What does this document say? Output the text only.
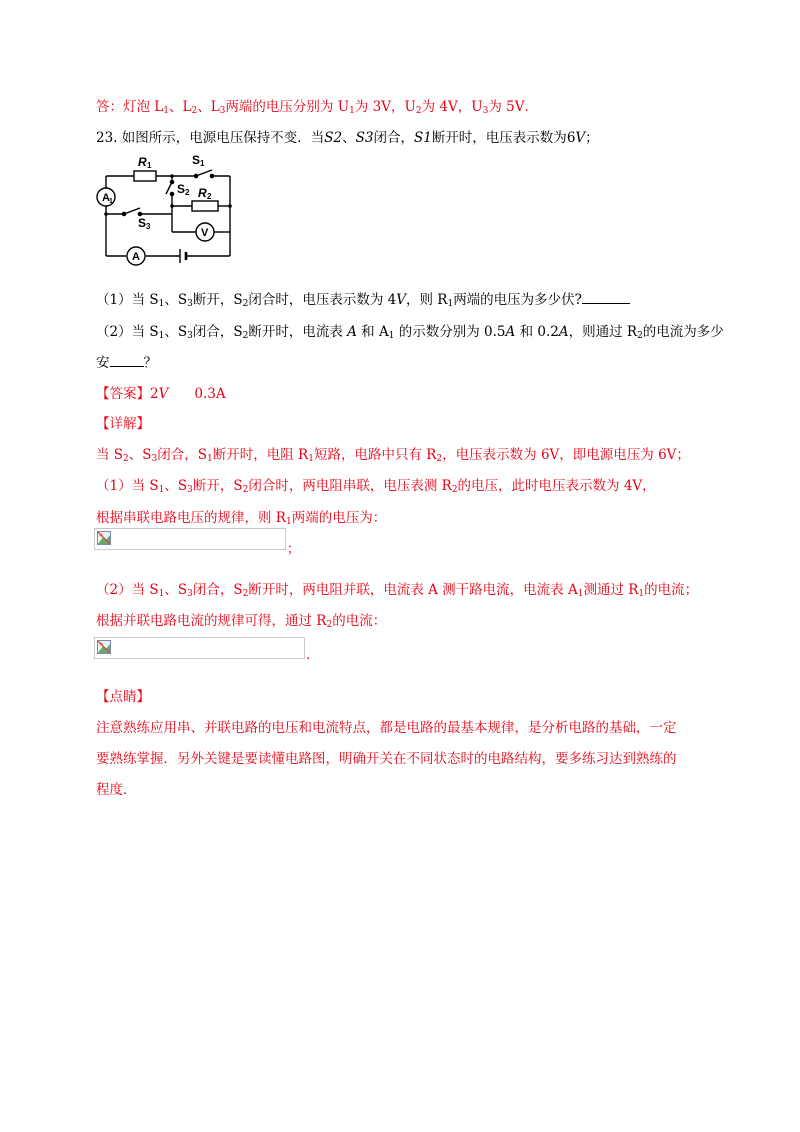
答：灯泡 $L_1$、$L_2$、$L_3$两端的电压分别为 $U_1$为 3V，$U_2$为 4V，$U_3$为 5V．
23. 如图所示，电源电压保持不变．当S2、S3闭合，S1断开时，电压表示数为6V；
A 1
A
V
R 1	S 1
S 2 R 2
S 3
（1）当 $S_1$、$S_3$断开，$S_2$闭合时，电压表示数为 4V，则 $R_1$两端的电压为多少伏?
（2）当 $S_1$、$S_3$闭合，$S_2$断开时，电流表 A 和 $A_1$ 的示数分别为 0.5A 和 0.2A，则通过 $R_2$的电流为多少
安	？
【答案】2V 0.3A
【详解】
当 $S_2$、$S_3$闭合，$S_1$断开时，电阻 $R_1$短路，电路中只有 $R_2$，电压表示数为 6V，即电源电压为 6V；
（1）当 $S_1$、$S_3$断开，$S_2$闭合时，两电阻串联，电压表测 $R_2$的电压，此时电压表示数为 4V，
根据串联电路电压的规律，则 $R_1$两端的电压为：
；
（2）当 $S_1$、$S_3$闭合，$S_2$断开时，两电阻并联，电流表 A 测干路电流，电流表 $A_1$测通过 $R_1$的电流；
根据并联电路电流的规律可得，通过 $R_2$的电流：
.
【点睛】
注意熟练应用串、并联电路的电压和电流特点，都是电路的最基本规律，是分析电路的基础，一定
要熟练掌握．另外关键是要读懂电路图，明确开关在不同状态时的电路结构，要多练习达到熟练的
程度．
